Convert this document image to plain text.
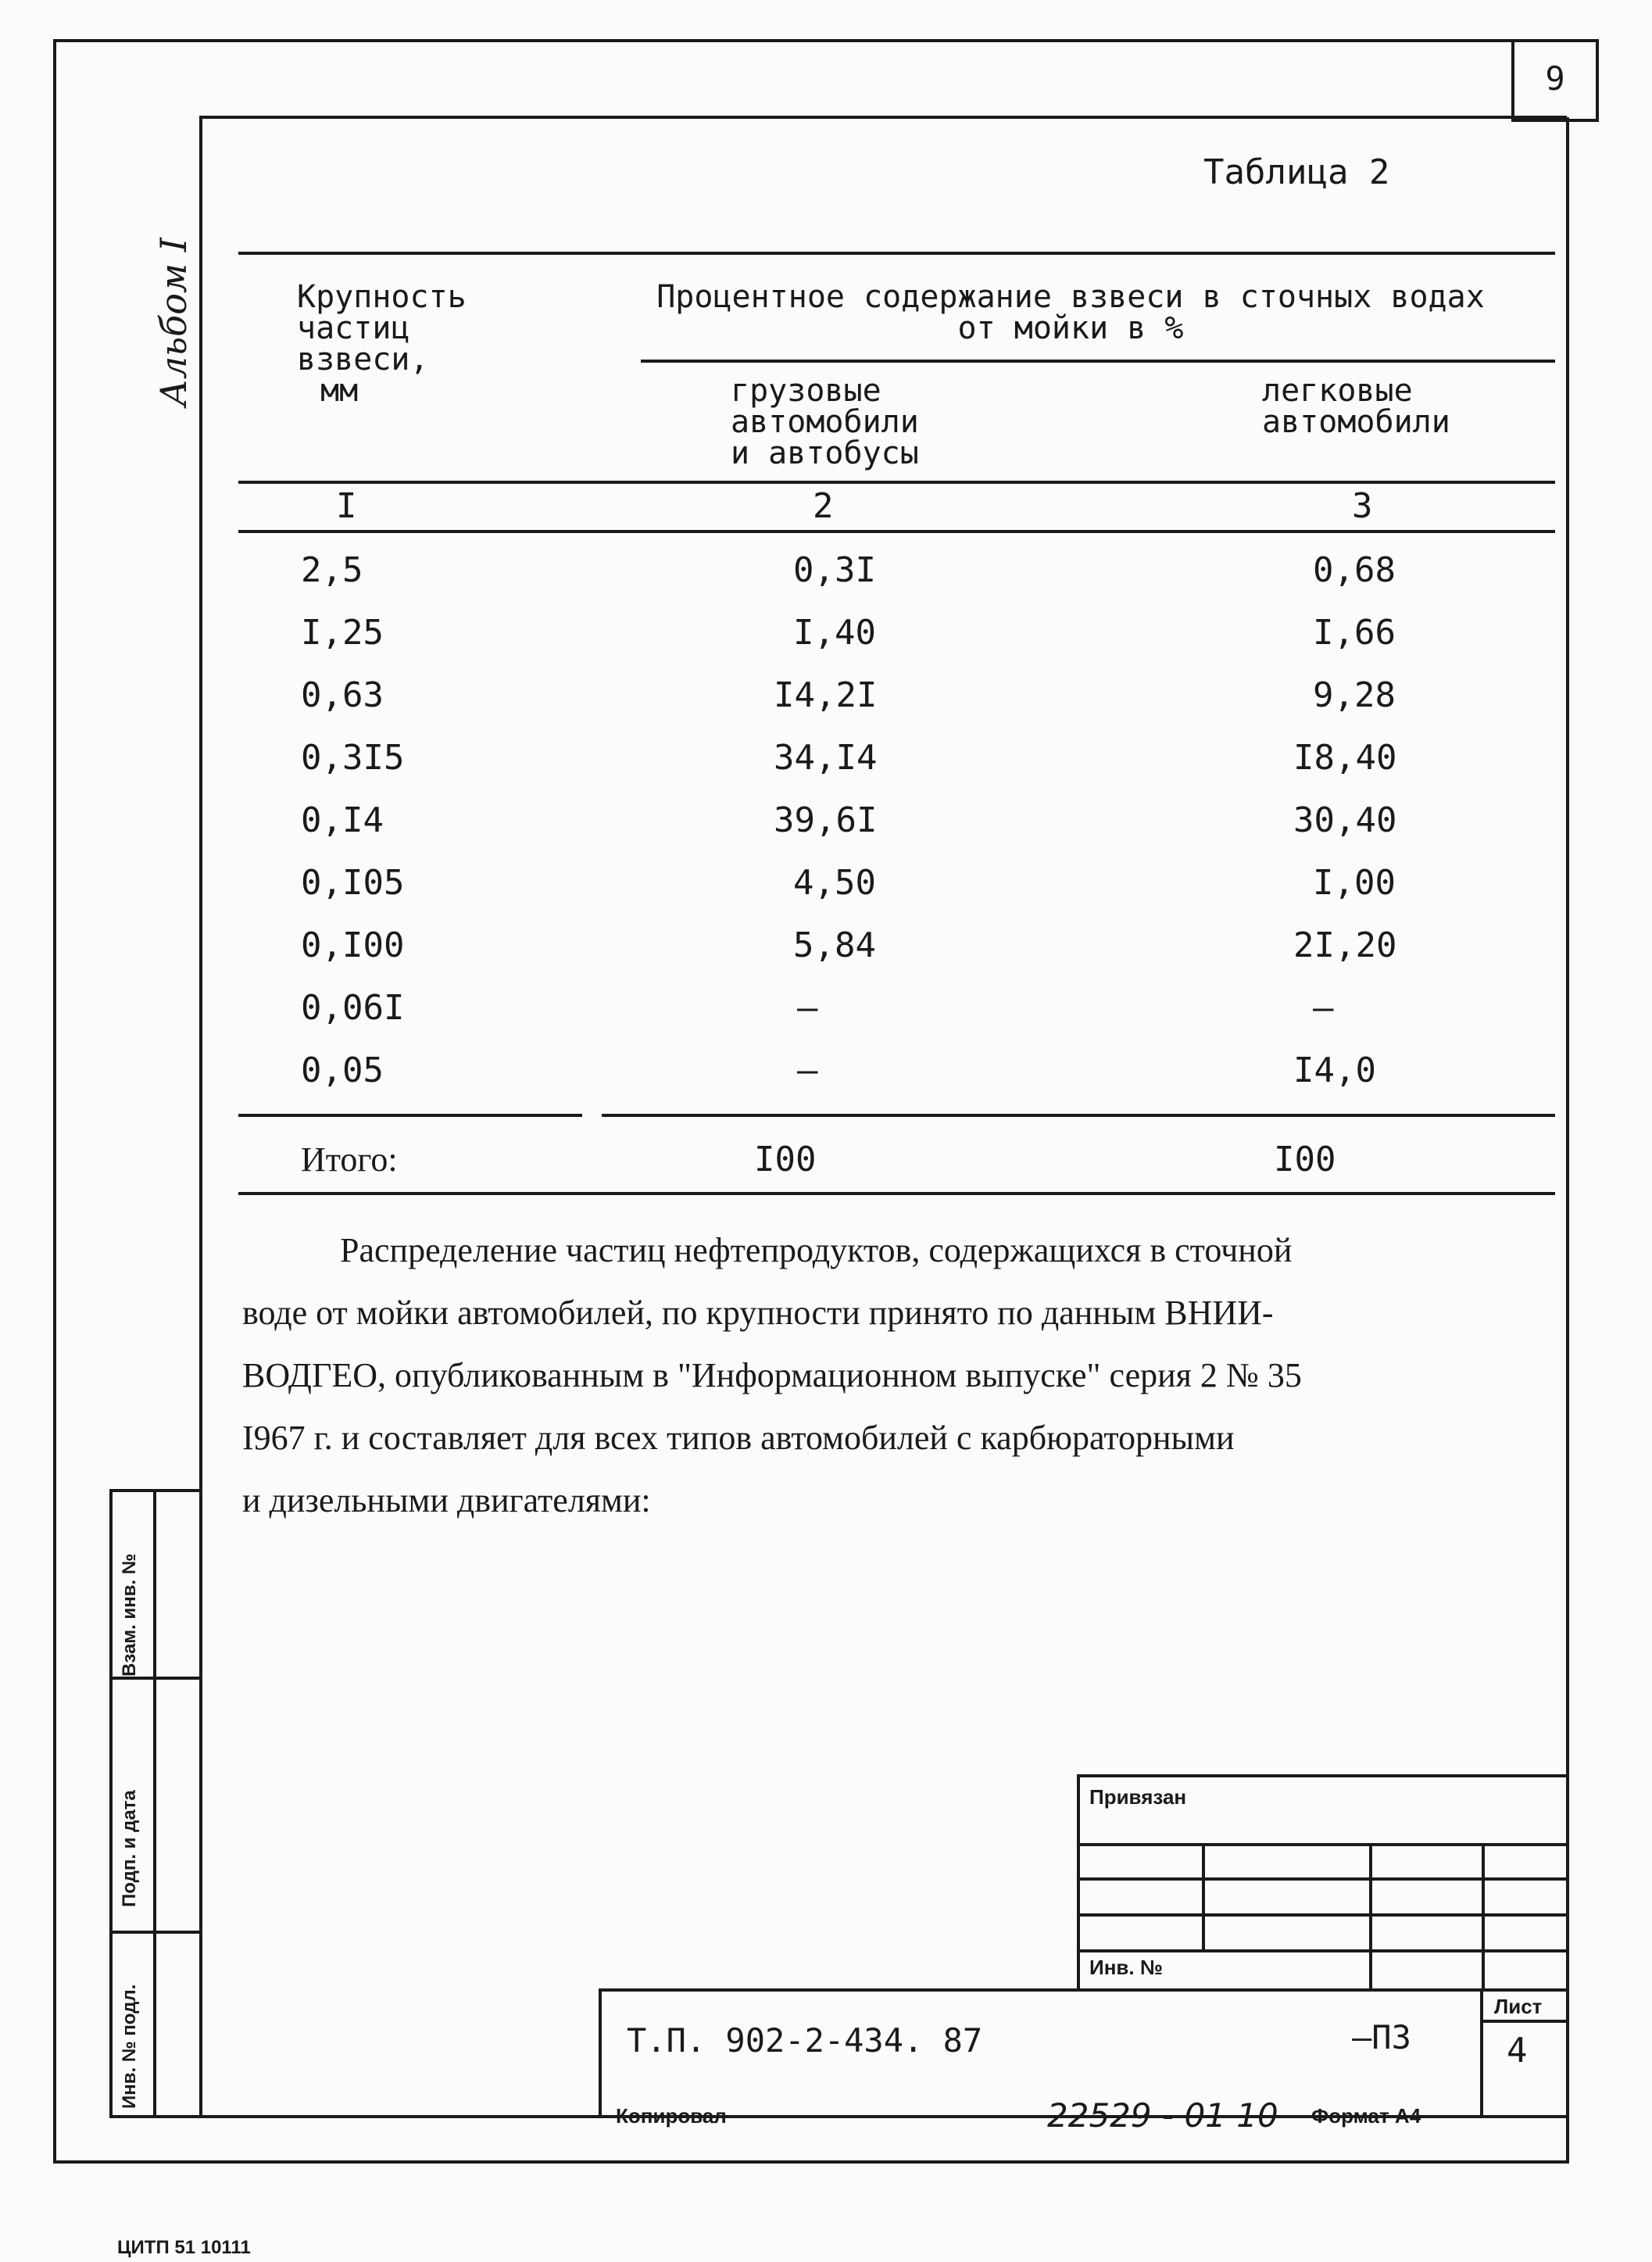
9
Альбом I
Взам. инв. №
Подп. и дата
Инв. № подл.
Таблица 2
Крупность
частиц
взвеси,
мм
Процентное содержание взвеси в сточных водах
от мойки в %
грузовые
автомобили
и автобусы
легковые
автомобили
I	2	3
2,5	0,3I	0,68
I,25	I,40	I,66
0,63	I4,2I	9,28
0,3I5	34,I4	I8,40
0,I4	39,6I	30,40
0,I05	4,50	I,00
0,I00	5,84	2I,20
0,06I	–	–
0,05	–	I4,0
Итого:	I00	I00

Распределение частиц нефтепродуктов, содержащихся в сточной

воде от мойки автомобилей, по крупности принято по данным ВНИИ-

ВОДГЕО, опубликованным в "Информационном выпуске" серия 2 № 35

I967 г. и составляет для всех типов автомобилей с карбюраторными

и дизельными двигателями:

Привязан
Инв. №
Лист
4
Т.П. 902-2-434. 87	–ПЗ
Копировал	22529 - 01 10 Формат А4
ЦИТП 51 10111
